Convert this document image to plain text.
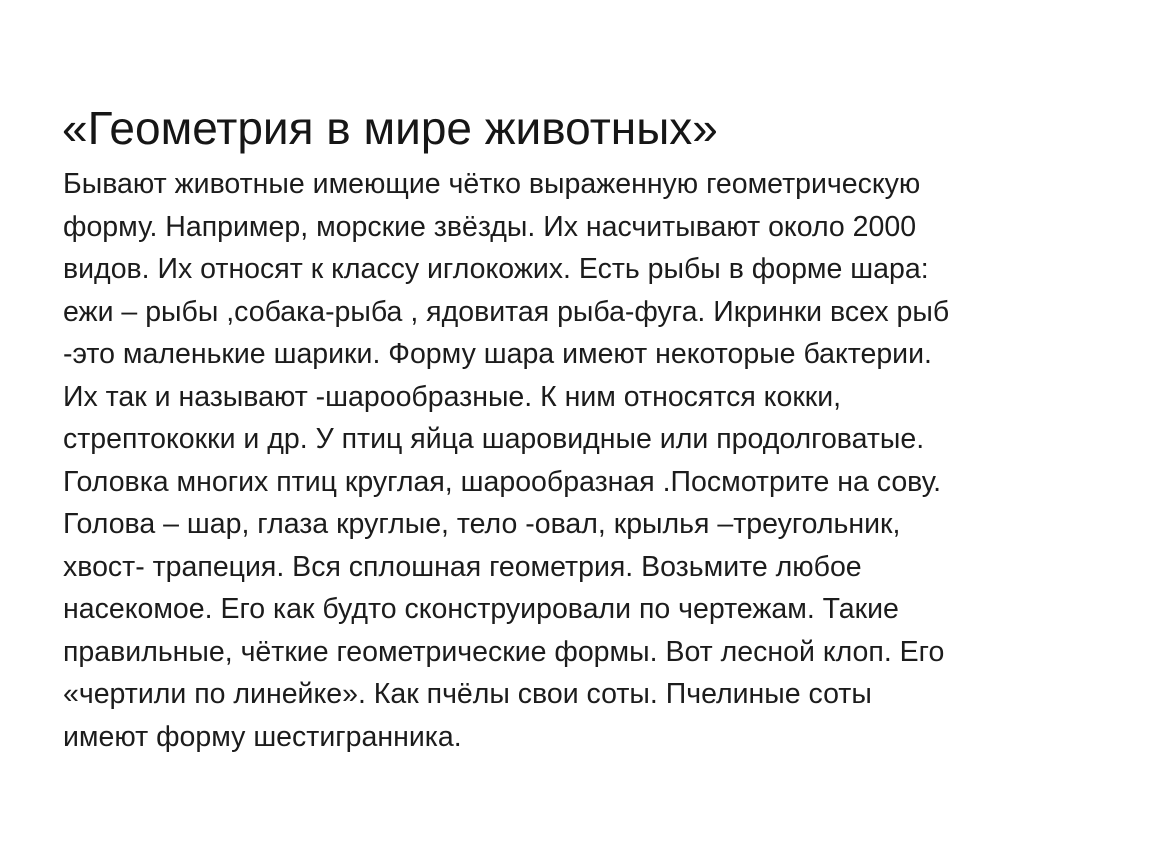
«Геометрия в мире животных»
Бывают животные имеющие чётко выраженную геометрическую
форму. Например, морские звёзды. Их насчитывают около 2000
видов. Их относят к классу иглокожих. Есть рыбы в форме шара:
ежи – рыбы ,собака-рыба , ядовитая рыба-фуга. Икринки всех рыб
-это маленькие шарики. Форму шара имеют некоторые бактерии.
Их так и называют -шарообразные. К ним относятся кокки,
стрептококки и др. У птиц яйца шаровидные или продолговатые.
Головка многих птиц круглая, шарообразная .Посмотрите на сову.
Голова – шар, глаза круглые, тело -овал, крылья –треугольник,
хвост- трапеция. Вся сплошная геометрия. Возьмите любое
насекомое. Его как будто сконструировали по чертежам. Такие
правильные, чёткие геометрические формы. Вот лесной клоп. Его
«чертили по линейке». Как пчёлы свои соты. Пчелиные соты
имеют форму шестигранника.
